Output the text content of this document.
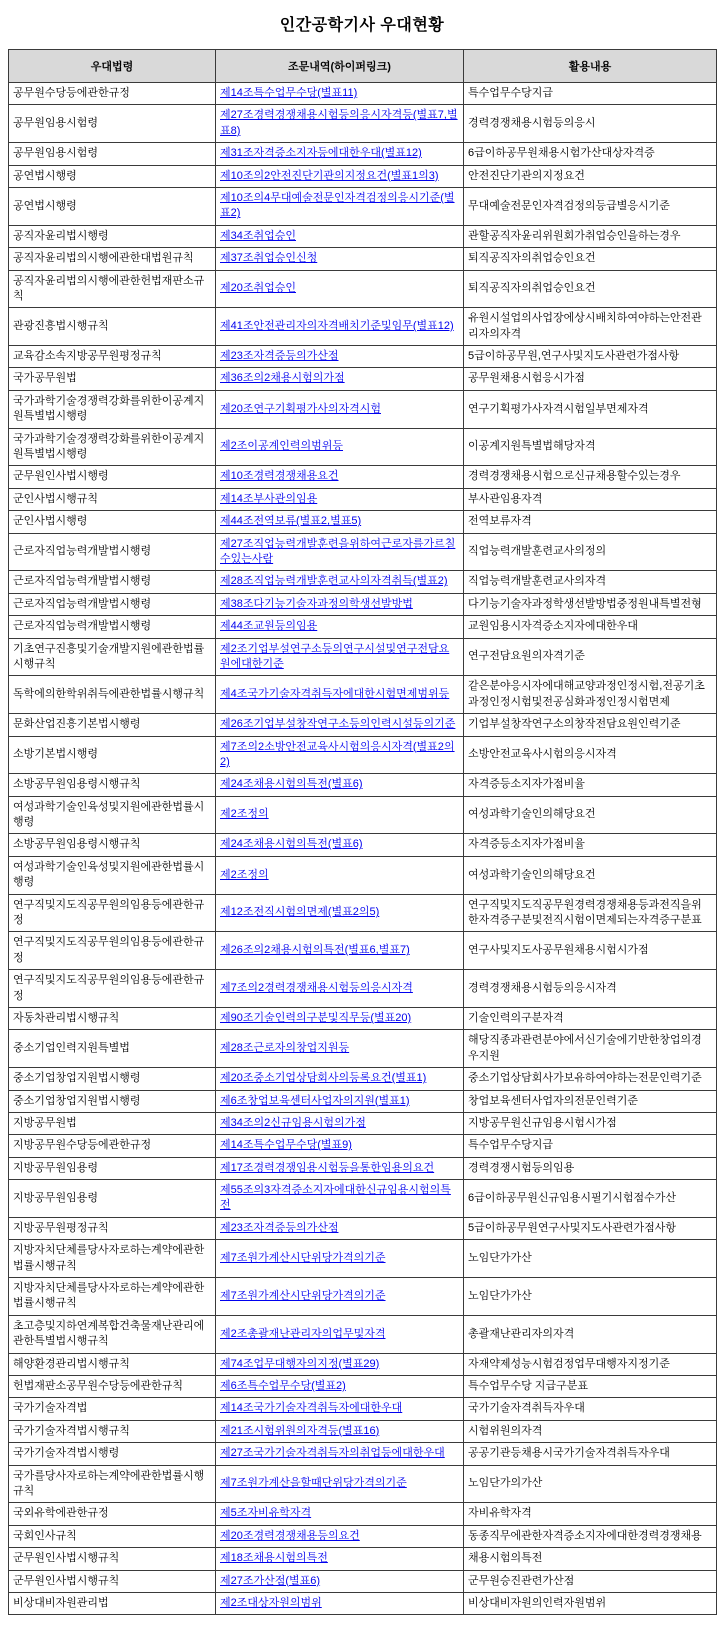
인간공학기사 우대현황
우대법령	조문내역(하이퍼링크)	활용내용
공무원수당등에관한규정	제14조특수업무수당(별표11)	특수업무수당지급
공무원임용시험령	제27조경력경쟁채용시험등의응시자격등(별표7,별표8)	경력경쟁채용시험등의응시
공무원임용시험령	제31조자격증소지자등에대한우대(별표12)	6급이하공무원채용시험가산대상자격증
공연법시행령	제10조의2안전진단기관의지정요건(별표1의3)	안전진단기관의지정요건
공연법시행령	제10조의4무대예술전문인자격검정의응시기준(별표2)	무대예술전문인자격검정의등급별응시기준
공직자윤리법시행령	제34조취업승인	관할공직자윤리위원회가취업승인을하는경우
공직자윤리법의시행에관한대법원규칙	제37조취업승인신청	퇴직공직자의취업승인요건
공직자윤리법의시행에관한헌법재판소규칙	제20조취업승인	퇴직공직자의취업승인요건
관광진흥법시행규칙	제41조안전관리자의자격배치기준및임무(별표12)	유원시설업의사업장에상시배치하여야하는안전관리자의자격
교육감소속지방공무원평정규칙	제23조자격증등의가산점	5급이하공무원,연구사및지도사관련가점사항
국가공무원법	제36조의2채용시험의가점	공무원채용시험응시가점
국가과학기술경쟁력강화를위한이공계지원특별법시행령	제20조연구기획평가사의자격시험	연구기획평가사자격시험일부면제자격
국가과학기술경쟁력강화를위한이공계지원특별법시행령	제2조이공계인력의범위등	이공계지원특별법해당자격
군무원인사법시행령	제10조경력경쟁채용요건	경력경쟁채용시험으로신규채용할수있는경우
군인사법시행규칙	제14조부사관의임용	부사관임용자격
군인사법시행령	제44조전역보류(별표2,별표5)	전역보류자격
근로자직업능력개발법시행령	제27조직업능력개발훈련을위하여근로자를가르칠수있는사람	직업능력개발훈련교사의정의
근로자직업능력개발법시행령	제28조직업능력개발훈련교사의자격취득(별표2)	직업능력개발훈련교사의자격
근로자직업능력개발법시행령	제38조다기능기술자과정의학생선발방법	다기능기술자과정학생선발방법중정원내특별전형
근로자직업능력개발법시행령	제44조교원등의임용	교원임용시자격증소지자에대한우대
기초연구진흥및기술개발지원에관한법률시행규칙	제2조기업부설연구소등의연구시설및연구전담요원에대한기준	연구전담요원의자격기준
독학에의한학위취득에관한법률시행규칙	제4조국가기술자격취득자에대한시험면제범위등	같은분야응시자에대해교양과정인정시험,전공기초과정인정시험및전공심화과정인정시험면제
문화산업진흥기본법시행령	제26조기업부설창작연구소등의인력시설등의기준	기업부설창작연구소의창작전담요원인력기준
소방기본법시행령	제7조의2소방안전교육사시험의응시자격(별표2의2)	소방안전교육사시험의응시자격
소방공무원임용령시행규칙	제24조채용시험의특전(별표6)	자격증등소지자가점비율
여성과학기술인육성및지원에관한법률시행령	제2조정의	여성과학기술인의해당요건
소방공무원임용령시행규칙	제24조채용시험의특전(별표6)	자격증등소지자가점비율
여성과학기술인육성및지원에관한법률시행령	제2조정의	여성과학기술인의해당요건
연구직및지도직공무원의임용등에관한규정	제12조전직시험의면제(별표2의5)	연구직및지도직공무원경력경쟁채용등과전직을위한자격증구분및전직시험이면제되는자격증구분표
연구직및지도직공무원의임용등에관한규정	제26조의2채용시험의특전(별표6,별표7)	연구사및지도사공무원채용시험시가점
연구직및지도직공무원의임용등에관한규정	제7조의2경력경쟁채용시험등의응시자격	경력경쟁채용시험등의응시자격
자동차관리법시행규칙	제90조기술인력의구분및직무등(별표20)	기술인력의구분자격
중소기업인력지원특별법	제28조근로자의창업지원등	해당직종과관련분야에서신기술에기반한창업의경우지원
중소기업창업지원법시행령	제20조중소기업상담회사의등록요건(별표1)	중소기업상담회사가보유하여야하는전문인력기준
중소기업창업지원법시행령	제6조창업보육센터사업자의지원(별표1)	창업보육센터사업자의전문인력기준
지방공무원법	제34조의2신규임용시험의가점	지방공무원신규임용시험시가점
지방공무원수당등에관한규정	제14조특수업무수당(별표9)	특수업무수당지급
지방공무원임용령	제17조경력경쟁임용시험등을통한임용의요건	경력경쟁시험등의임용
지방공무원임용령	제55조의3자격증소지자에대한신규임용시험의특전	6급이하공무원신규임용시필기시험점수가산
지방공무원평정규칙	제23조자격증등의가산점	5급이하공무원연구사및지도사관련가점사항
지방자치단체를당사자로하는계약에관한법률시행규칙	제7조원가계산시단위당가격의기준	노임단가가산
지방자치단체를당사자로하는계약에관한법률시행규칙	제7조원가계산시단위당가격의기준	노임단가가산
초고층및지하연계복합건축물재난관리에관한특별법시행규칙	제2조총괄재난관리자의업무및자격	총괄재난관리자의자격
해양환경관리법시행규칙	제74조업무대행자의지정(별표29)	자재약제성능시험검정업무대행자지정기준
헌법재판소공무원수당등에관한규칙	제6조특수업무수당(별표2)	특수업무수당 지급구분표
국가기술자격법	제14조국가기술자격취득자에대한우대	국가기술자격취득자우대
국가기술자격법시행규칙	제21조시험위원의자격등(별표16)	시험위원의자격
국가기술자격법시행령	제27조국가기술자격취득자의취업등에대한우대	공공기관등채용시국가기술자격취득자우대
국가를당사자로하는계약에관한법률시행규칙	제7조원가계산을할때단위당가격의기준	노임단가의가산
국외유학에관한규정	제5조자비유학자격	자비유학자격
국회인사규칙	제20조경력경쟁채용등의요건	동종직무에관한자격증소지자에대한경력경쟁채용
군무원인사법시행규칙	제18조채용시험의특전	채용시험의특전
군무원인사법시행규칙	제27조가산점(별표6)	군무원승진관련가산점
비상대비자원관리법	제2조대상자원의범위	비상대비자원의인력자원범위
